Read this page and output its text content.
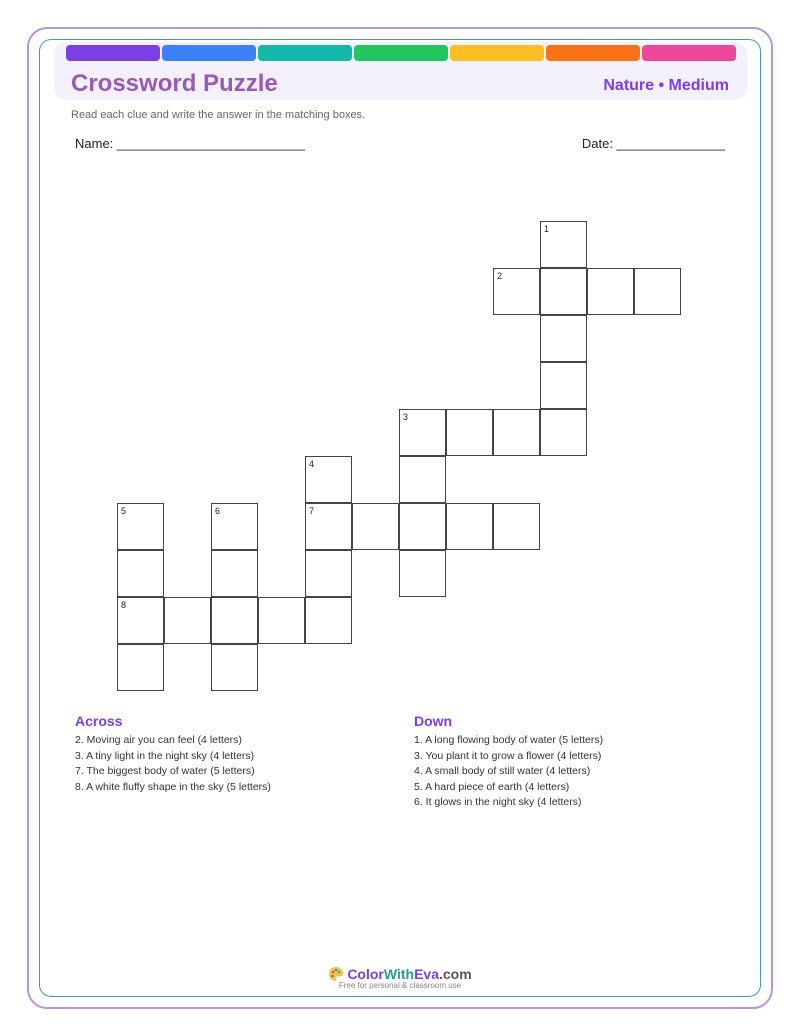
Crossword Puzzle	Nature • Medium
Read each clue and write the answer in the matching boxes.
Name: __________________________	Date: _______________
1
2
3
4
5	6	7
8
Across
2. Moving air you can feel (4 letters)
3. A tiny light in the night sky (4 letters)
7. The biggest body of water (5 letters)
8. A white fluffy shape in the sky (5 letters)
Down
1. A long flowing body of water (5 letters)
3. You plant it to grow a flower (4 letters)
4. A small body of still water (4 letters)
5. A hard piece of earth (4 letters)
6. It glows in the night sky (4 letters)
ColorWithEva.com
Free for personal & classroom use
